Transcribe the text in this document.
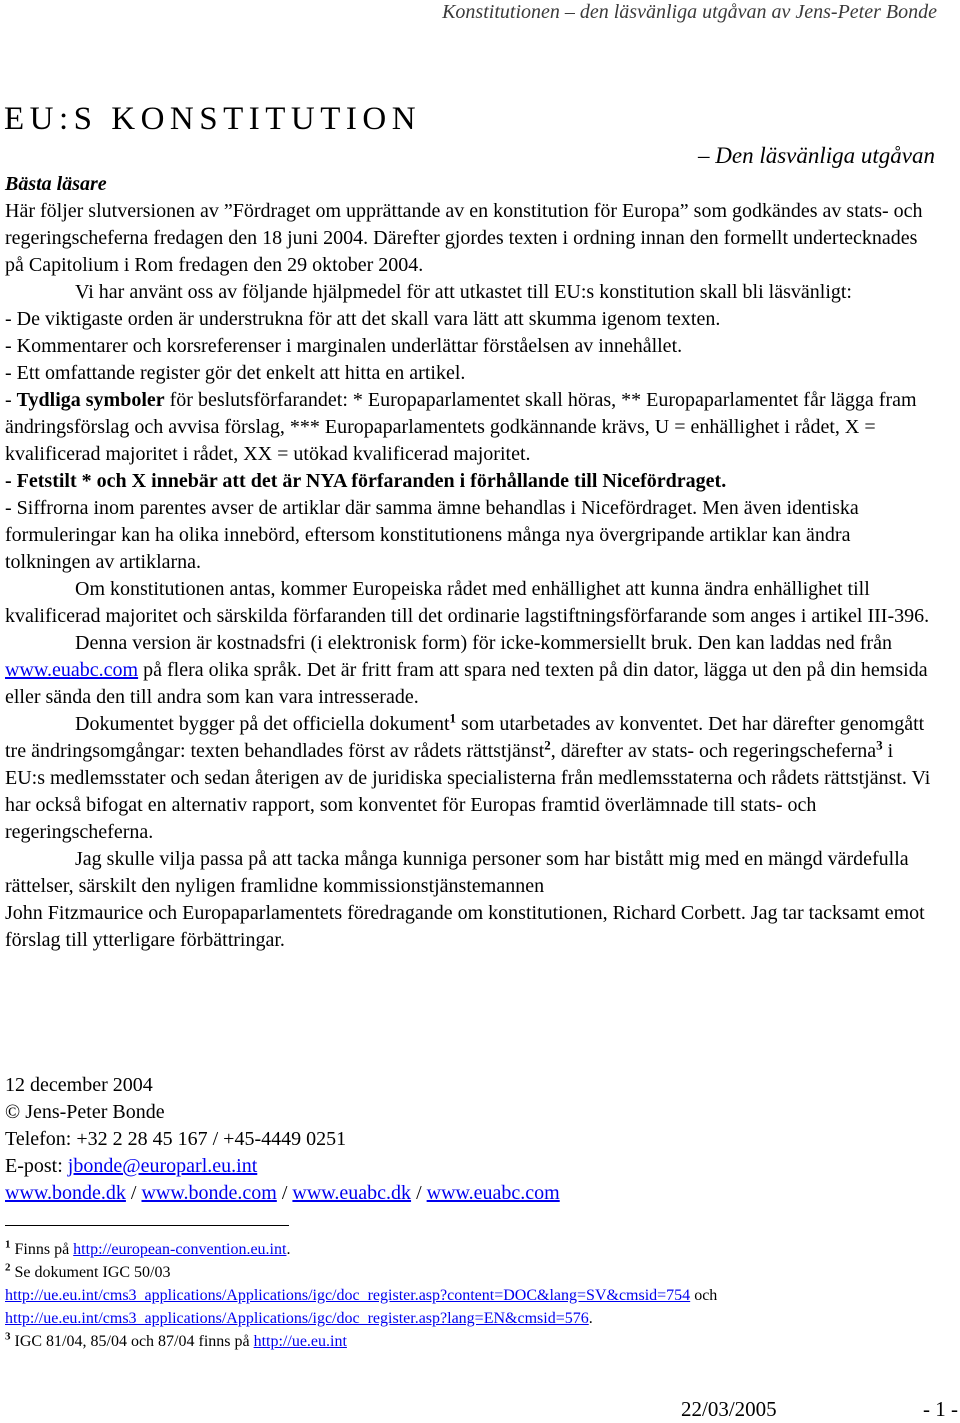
Konstitutionen – den läsvänliga utgåvan av Jens-Peter Bonde
EU:S KONSTITUTION
– Den läsvänliga utgåvan

Bästa läsare

Här följer slutversionen av ”Fördraget om upprättande av en konstitution för Europa” som godkändes av stats- och regeringscheferna fredagen den 18 juni 2004. Därefter gjordes texten i ordning innan den formellt undertecknades på Capitolium i Rom fredagen den 29 oktober 2004.

Vi har använt oss av följande hjälpmedel för att utkastet till EU:s konstitution skall bli läsvänligt:

- De viktigaste orden är understrukna för att det skall vara lätt att skumma igenom texten.

- Kommentarer och korsreferenser i marginalen underlättar förståelsen av innehållet.

- Ett omfattande register gör det enkelt att hitta en artikel.

- Tydliga symboler för beslutsförfarandet: * Europaparlamentet skall höras, ** Europaparlamentet får lägga fram ändringsförslag och avvisa förslag, *** Europaparlamentets godkännande krävs, U = enhällighet i rådet, X = kvalificerad majoritet i rådet, XX = utökad kvalificerad majoritet.

- Fetstilt * och X innebär att det är NYA förfaranden i förhållande till Nicefördraget.

- Siffrorna inom parentes avser de artiklar där samma ämne behandlas i Nicefördraget. Men även identiska formuleringar kan ha olika innebörd, eftersom konstitutionens många nya övergripande artiklar kan ändra tolkningen av artiklarna.

Om konstitutionen antas, kommer Europeiska rådet med enhällighet att kunna ändra enhällighet till kvalificerad majoritet och särskilda förfaranden till det ordinarie lagstiftningsförfarande som anges i artikel III-396.

Denna version är kostnadsfri (i elektronisk form) för icke-kommersiellt bruk. Den kan laddas ned från www.euabc.com på flera olika språk. Det är fritt fram att spara ned texten på din dator, lägga ut den på din hemsida eller sända den till andra som kan vara intresserade.

Dokumentet bygger på det officiella dokument$^1$ som utarbetades av konventet. Det har därefter genomgått tre ändringsomgångar: texten behandlades först av rådets rättstjänst$^2$, därefter av stats- och regeringscheferna$^3$ i EU:s medlemsstater och sedan återigen av de juridiska specialisterna från medlemsstaterna och rådets rättstjänst. Vi har också bifogat en alternativ rapport, som konventet för Europas framtid överlämnade till stats- och regeringscheferna.

Jag skulle vilja passa på att tacka många kunniga personer som har bistått mig med en mängd värdefulla rättelser, särskilt den nyligen framlidne kommissionstjänstemannen

John Fitzmaurice och Europaparlamentets föredragande om konstitutionen, Richard Corbett. Jag tar tacksamt emot förslag till ytterligare förbättringar.

12 december 2004
© Jens-Peter Bonde
Telefon: +32 2 28 45 167 / +45-4449 0251
E-post: jbonde@europarl.eu.int
www.bonde.dk / www.bonde.com / www.euabc.dk / www.euabc.com

$^1$ Finns på http://european-convention.eu.int.

$^2$ Se dokument IGC 50/03

http://ue.eu.int/cms3_applications/Applications/igc/doc_register.asp?content=DOC&lang=SV&cmsid=754 och

http://ue.eu.int/cms3_applications/Applications/igc/doc_register.asp?lang=EN&cmsid=576.

$^3$ IGC 81/04, 85/04 och 87/04 finns på http://ue.eu.int

22/03/2005	- 1 -
